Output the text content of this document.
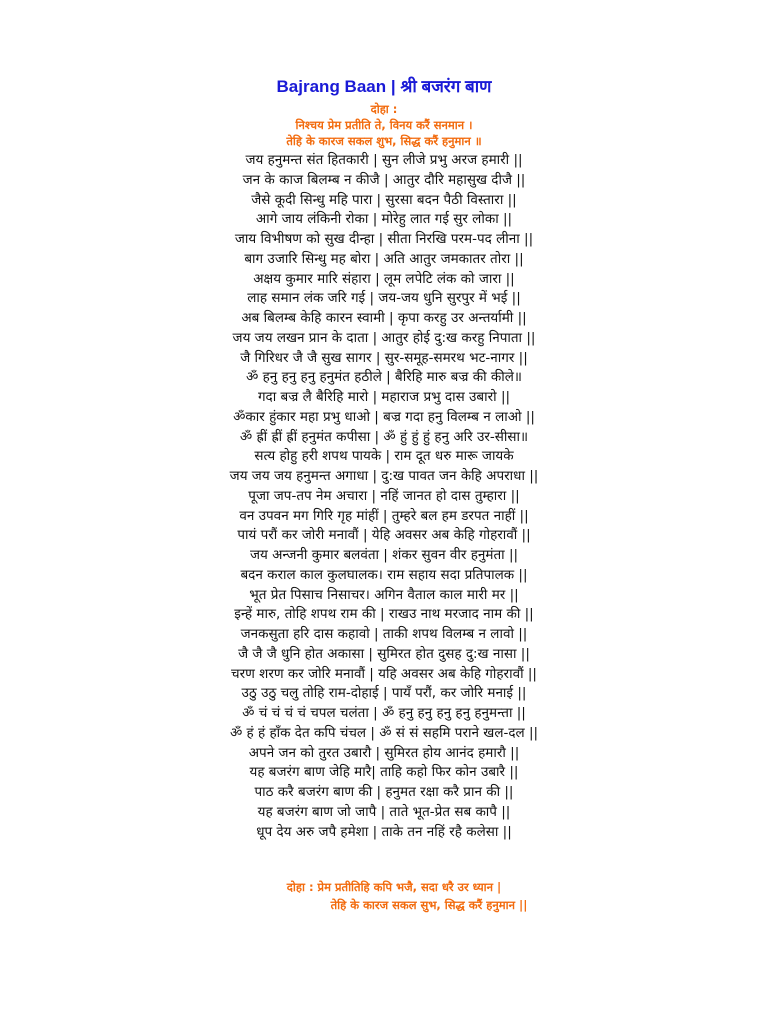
Bajrang Baan | श्री बजरंग बाण
दोहा :
निश्चय प्रेम प्रतीति ते, विनय करैं सनमान ।
तेहि के कारज सकल शुभ, सिद्ध करैं हनुमान ॥
जय हनुमन्त संत हितकारी | सुन लीजे प्रभु अरज हमारी ||
जन के काज बिलम्ब न कीजै | आतुर दौरि महासुख दीजै ||
जैसे कूदी सिन्धु महि पारा | सुरसा बदन पैठी विस्तारा ||
आगे जाय लंकिनी रोका | मोरेहु लात गई सुर लोका ||
जाय विभीषण को सुख दीन्हा | सीता निरखि परम-पद लीना ||
बाग उजारि सिन्धु मह बोरा | अति आतुर जमकातर तोरा ||
अक्षय कुमार मारि संहारा | लूम लपेटि लंक को जारा ||
लाह समान लंक जरि गई | जय-जय धुनि सुरपुर में भई ||
अब बिलम्ब केहि कारन स्वामी | कृपा करहु उर अन्तर्यामी ||
जय जय लखन प्रान के दाता | आतुर होई दु:ख करहु निपाता ||
जै गिरिधर जै जै सुख सागर | सुर-समूह-समरथ भट-नागर ||
ॐ हनु हनु हनु हनुमंत हठीले | बैरिहि मारु बज्र की कीले॥
गदा बज्र लै बैरिहि मारो | महाराज प्रभु दास उबारो ||
ॐकार हुंकार महा प्रभु धाओ | बज्र गदा हनु विलम्ब न लाओ ||
ॐ ह्रीं ह्रीं ह्रीं हनुमंत कपीसा | ॐ हुं हुं हुं हनु अरि उर-सीसा॥
सत्य होहु हरी शपथ पायके | राम दूत धरु मारू जायके
जय जय जय हनुमन्त अगाधा | दु:ख पावत जन केहि अपराधा ||
पूजा जप-तप नेम अचारा | नहिं जानत हो दास तुम्हारा ||
वन उपवन मग गिरि गृह मांहीं | तुम्हरे बल हम डरपत नाहीं ||
पायं परौं कर जोरी मनावौं | येहि अवसर अब केहि गोहरावौं ||
जय अन्जनी कुमार बलवंता | शंकर सुवन वीर हनुमंता ||
बदन कराल काल कुलघालक। राम सहाय सदा प्रतिपालक ||
भूत प्रेत पिसाच निसाचर। अगिन वैताल काल मारी मर ||
इन्हें मारु, तोहि शपथ राम की | राखउ नाथ मरजाद नाम की ||
जनकसुता हरि दास कहावो | ताकी शपथ विलम्ब न लावो ||
जै जै जै धुनि होत अकासा | सुमिरत होत दुसह दु:ख नासा ||
चरण शरण कर जोरि मनावौं | यहि अवसर अब केहि गोहरावौं ||
उठु उठु चलु तोहि राम-दोहाई | पायँ परौं, कर जोरि मनाई ||
ॐ चं चं चं चं चपल चलंता | ॐ हनु हनु हनु हनु हनुमन्ता ||
ॐ हं हं हाँक देत कपि चंचल | ॐ सं सं सहमि पराने खल-दल ||
अपने जन को तुरत उबारौ | सुमिरत होय आनंद हमारौ ||
यह बजरंग बाण जेहि मारै| ताहि कहो फिर कोन उबारै ||
पाठ करै बजरंग बाण की | हनुमत रक्षा करै प्रान की ||
यह बजरंग बाण जो जापै | ताते भूत-प्रेत सब कापै ||
धूप देय अरु जपै हमेशा | ताके तन नहिं रहै कलेसा ||
दोहा : प्रेम प्रतीतिहि कपि भजै, सदा धरै उर ध्यान |
तेहि के कारज सकल सुभ, सिद्ध करैं हनुमान ||
